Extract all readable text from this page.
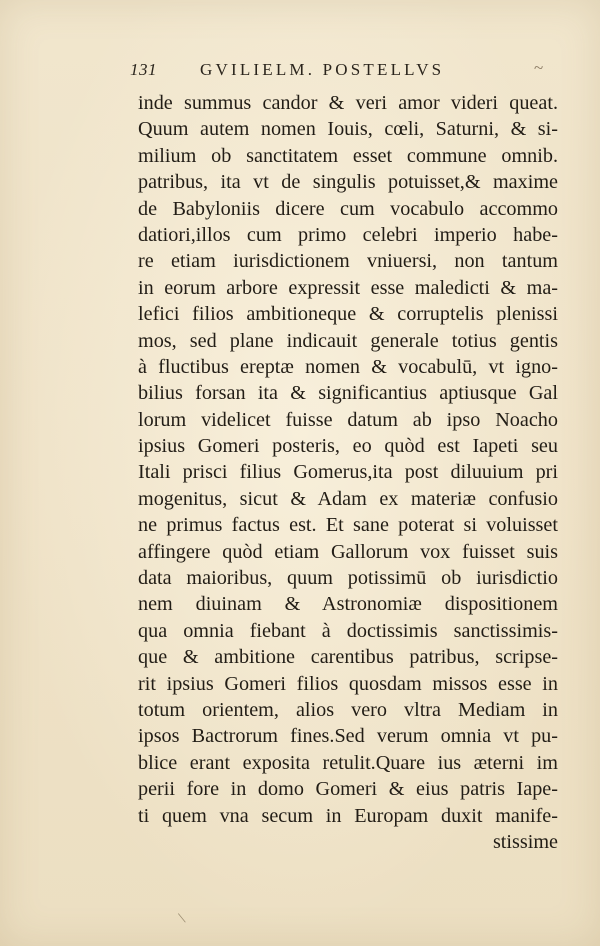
131	GVILIELM. POSTELLVS	~
inde summus candor & veri amor videri queat.
Quum autem nomen Iouis, cœli, Saturni, & si-
milium ob sanctitatem esset commune omnib.
patribus, ita vt de singulis potuisset,& maxime
de Babyloniis dicere cum vocabulo accommo
datiori,illos cum primo celebri imperio habe-
re etiam iurisdictionem vniuersi, non tantum
in eorum arbore expressit esse maledicti & ma-
lefici filios ambitioneque & corruptelis plenissi
mos, sed plane indicauit generale totius gentis
à fluctibus ereptæ nomen & vocabulū, vt igno-
bilius forsan ita & significantius aptiusque Gal
lorum videlicet fuisse datum ab ipso Noacho
ipsius Gomeri posteris, eo quòd est Iapeti seu
Itali prisci filius Gomerus,ita post diluuium pri
mogenitus, sicut & Adam ex materiæ confusio
ne primus factus est. Et sane poterat si voluisset
affingere quòd etiam Gallorum vox fuisset suis
data maioribus, quum potissimū ob iurisdictio
nem diuinam & Astronomiæ dispositionem
qua omnia fiebant à doctissimis sanctissimis-
que & ambitione carentibus patribus, scripse-
rit ipsius Gomeri filios quosdam missos esse in
totum orientem, alios vero vltra Mediam in
ipsos Bactrorum fines.Sed verum omnia vt pu-
blice erant exposita retulit.Quare ius æterni im
perii fore in domo Gomeri & eius patris Iape-
ti quem vna secum in Europam duxit manife-
stissime
\
